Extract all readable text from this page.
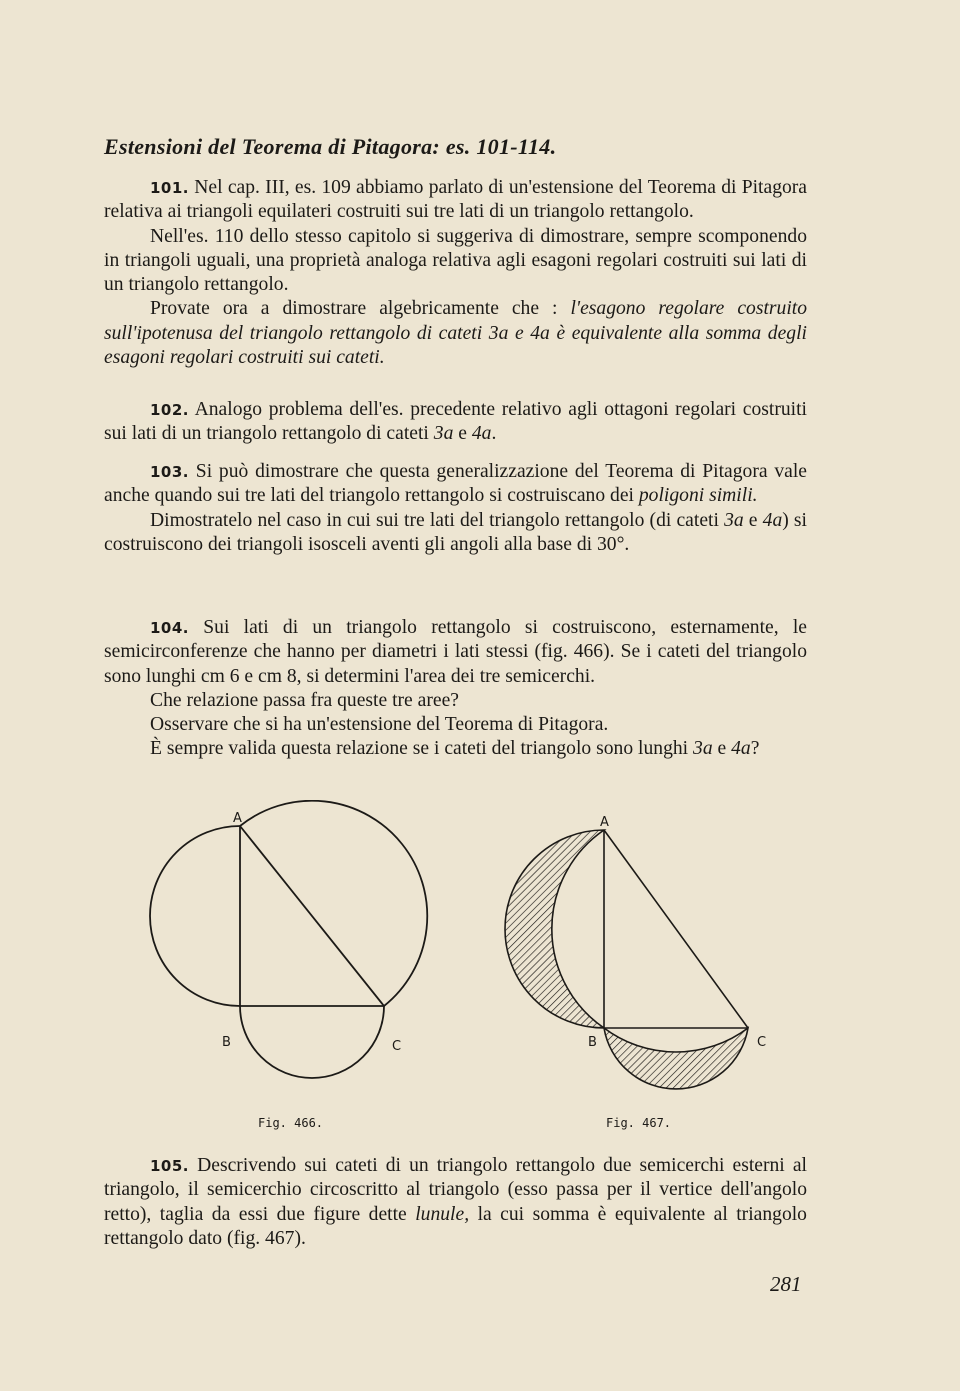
Estensioni del Teorema di Pitagora: es. 101-114.

101. Nel cap. III, es. 109 abbiamo parlato di un'estensione del Teorema di Pitagora relativa ai triangoli equilateri costruiti sui tre lati di un triangolo rettangolo.

Nell'es. 110 dello stesso capitolo si suggeriva di dimostrare, sempre scomponendo in triangoli uguali, una proprietà analoga relativa agli esagoni regolari costruiti sui lati di un triangolo rettangolo.

Provate ora a dimostrare algebricamente che : l'esagono regolare costruito sull'ipotenusa del triangolo rettangolo di cateti 3a e 4a è equivalente alla somma degli esagoni regolari costruiti sui cateti.

102. Analogo problema dell'es. precedente relativo agli ottagoni regolari costruiti sui lati di un triangolo rettangolo di cateti 3a e 4a.

103. Si può dimostrare che questa generalizzazione del Teorema di Pitagora vale anche quando sui tre lati del triangolo rettangolo si costruiscano dei poligoni simili.

Dimostratelo nel caso in cui sui tre lati del triangolo rettangolo (di cateti 3a e 4a) si costruiscono dei triangoli isosceli aventi gli angoli alla base di 30°.

104. Sui lati di un triangolo rettangolo si costruiscono, esternamente, le semicirconferenze che hanno per diametri i lati stessi (fig. 466). Se i cateti del triangolo sono lunghi cm 6 e cm 8, si determini l'area dei tre semicerchi.

Che relazione passa fra queste tre aree?

Osservare che si ha un'estensione del Teorema di Pitagora.

È sempre valida questa relazione se i cateti del triangolo sono lunghi 3a e 4a?

A
B	C
A
B	C
Fig. 466.	Fig. 467.

105. Descrivendo sui cateti di un triangolo rettangolo due semicerchi esterni al triangolo, il semicerchio circoscritto al triangolo (esso passa per il vertice dell'angolo retto), taglia da essi due figure dette lunule, la cui somma è equivalente al triangolo rettangolo dato (fig. 467).

281
